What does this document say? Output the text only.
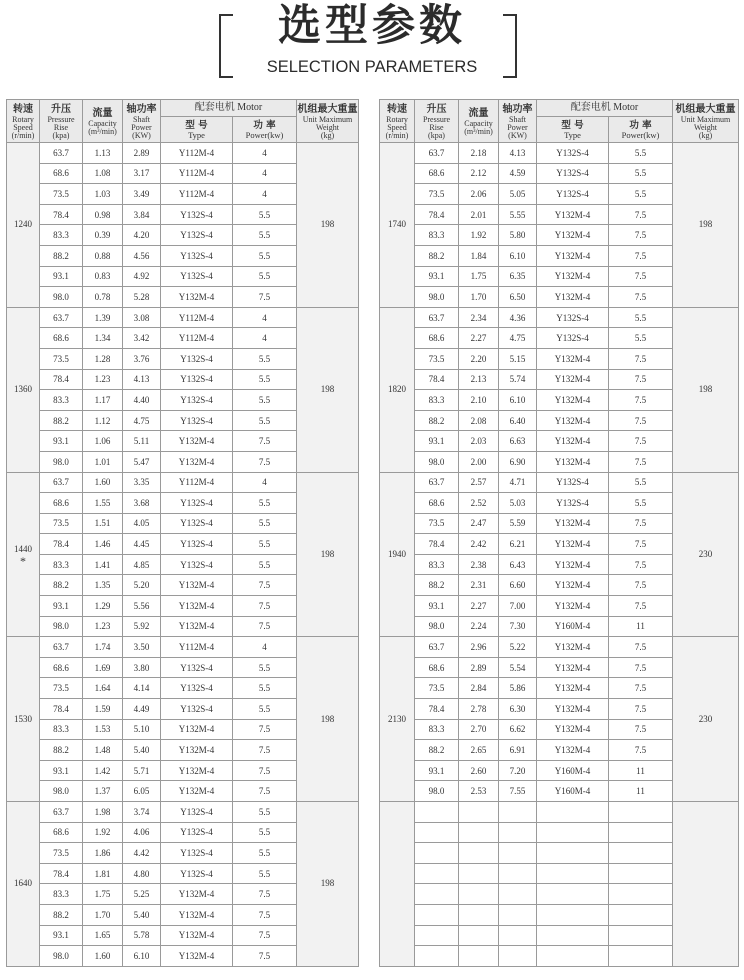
选型参数
SELECTION PARAMETERS
转速
Rotary
Speed
(r/min)	升压
Pressure
Rise
(kpa)	流量
Capacity
(m³/min)	轴功率
Shaft
Power
(KW)	配套电机 Motor		机组最大重量
Unit Maximum
Weight
(kg)

				型 号
Type	功 率
Power(kw)	
1240	63.7	1.13	2.89	Y112M-4	4	198
	68.6	1.08	3.17	Y112M-4	4	
	73.5	1.03	3.49	Y112M-4	4	
	78.4	0.98	3.84	Y132S-4	5.5	
	83.3	0.39	4.20	Y132S-4	5.5	
	88.2	0.88	4.56	Y132S-4	5.5	
	93.1	0.83	4.92	Y132S-4	5.5	
	98.0	0.78	5.28	Y132M-4	7.5	
1360	63.7	1.39	3.08	Y112M-4	4	198
	68.6	1.34	3.42	Y112M-4	4	
	73.5	1.28	3.76	Y132S-4	5.5	
	78.4	1.23	4.13	Y132S-4	5.5	
	83.3	1.17	4.40	Y132S-4	5.5	
	88.2	1.12	4.75	Y132S-4	5.5	
	93.1	1.06	5.11	Y132M-4	7.5	
	98.0	1.01	5.47	Y132M-4	7.5	
1440
*	63.7	1.60	3.35	Y112M-4	4	198
	68.6	1.55	3.68	Y132S-4	5.5	
	73.5	1.51	4.05	Y132S-4	5.5	
	78.4	1.46	4.45	Y132S-4	5.5	
	83.3	1.41	4.85	Y132S-4	5.5	
	88.2	1.35	5.20	Y132M-4	7.5	
	93.1	1.29	5.56	Y132M-4	7.5	
	98.0	1.23	5.92	Y132M-4	7.5	
1530	63.7	1.74	3.50	Y112M-4	4	198
	68.6	1.69	3.80	Y132S-4	5.5	
	73.5	1.64	4.14	Y132S-4	5.5	
	78.4	1.59	4.49	Y132S-4	5.5	
	83.3	1.53	5.10	Y132M-4	7.5	
	88.2	1.48	5.40	Y132M-4	7.5	
	93.1	1.42	5.71	Y132M-4	7.5	
	98.0	1.37	6.05	Y132M-4	7.5	
1640	63.7	1.98	3.74	Y132S-4	5.5	198
	68.6	1.92	4.06	Y132S-4	5.5	
	73.5	1.86	4.42	Y132S-4	5.5	
	78.4	1.81	4.80	Y132S-4	5.5	
	83.3	1.75	5.25	Y132M-4	7.5	
	88.2	1.70	5.40	Y132M-4	7.5	
	93.1	1.65	5.78	Y132M-4	7.5	
	98.0	1.60	6.10	Y132M-4	7.5	
转速
Rotary
Speed
(r/min)	升压
Pressure
Rise
(kpa)	流量
Capacity
(m³/min)	轴功率
Shaft
Power
(KW)	配套电机 Motor		机组最大重量
Unit Maximum
Weight
(kg)

				型 号
Type	功 率
Power(kw)	
1740	63.7	2.18	4.13	Y132S-4	5.5	198
	68.6	2.12	4.59	Y132S-4	5.5	
	73.5	2.06	5.05	Y132S-4	5.5	
	78.4	2.01	5.55	Y132M-4	7.5	
	83.3	1.92	5.80	Y132M-4	7.5	
	88.2	1.84	6.10	Y132M-4	7.5	
	93.1	1.75	6.35	Y132M-4	7.5	
	98.0	1.70	6.50	Y132M-4	7.5	
1820	63.7	2.34	4.36	Y132S-4	5.5	198
	68.6	2.27	4.75	Y132S-4	5.5	
	73.5	2.20	5.15	Y132M-4	7.5	
	78.4	2.13	5.74	Y132M-4	7.5	
	83.3	2.10	6.10	Y132M-4	7.5	
	88.2	2.08	6.40	Y132M-4	7.5	
	93.1	2.03	6.63	Y132M-4	7.5	
	98.0	2.00	6.90	Y132M-4	7.5	
1940	63.7	2.57	4.71	Y132S-4	5.5	230
	68.6	2.52	5.03	Y132S-4	5.5	
	73.5	2.47	5.59	Y132M-4	7.5	
	78.4	2.42	6.21	Y132M-4	7.5	
	83.3	2.38	6.43	Y132M-4	7.5	
	88.2	2.31	6.60	Y132M-4	7.5	
	93.1	2.27	7.00	Y132M-4	7.5	
	98.0	2.24	7.30	Y160M-4	11	
2130	63.7	2.96	5.22	Y132M-4	7.5	230
	68.6	2.89	5.54	Y132M-4	7.5	
	73.5	2.84	5.86	Y132M-4	7.5	
	78.4	2.78	6.30	Y132M-4	7.5	
	83.3	2.70	6.62	Y132M-4	7.5	
	88.2	2.65	6.91	Y132M-4	7.5	
	93.1	2.60	7.20	Y160M-4	11	
	98.0	2.53	7.55	Y160M-4	11	
